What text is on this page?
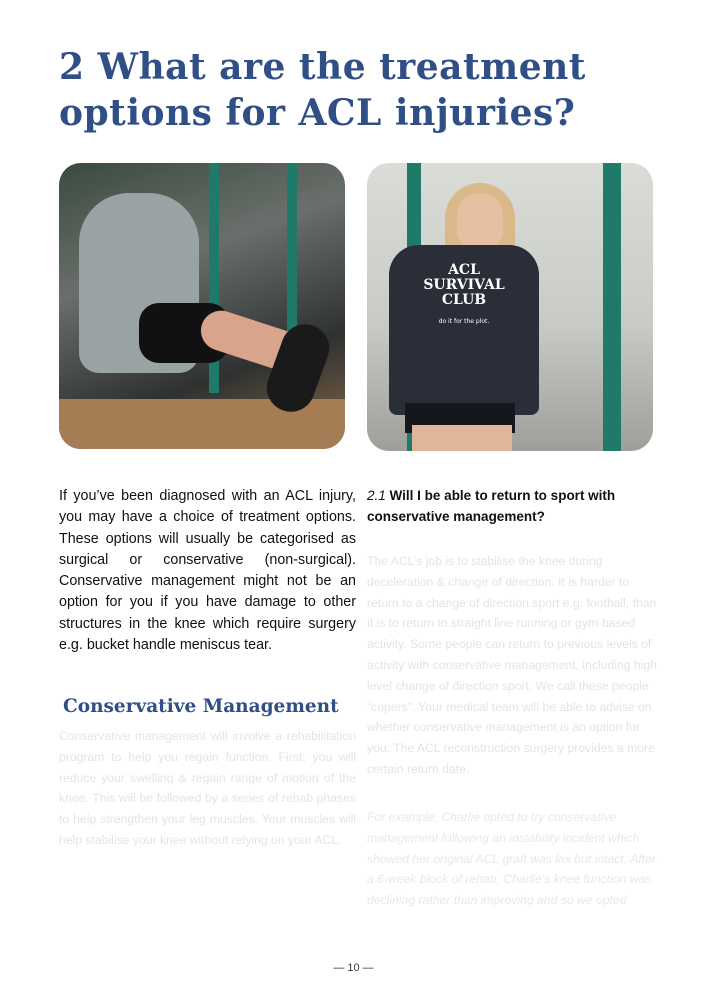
2 What are the treatment options for ACL injuries?
ACL
SURVIVAL
CLUB
do it for the plot.

If you’ve been diagnosed with an ACL injury, you may have a choice of treatment options. These options will usually be categorised as surgical or conservative (non-surgical). Conservative management might not be an option for you if you have damage to other structures in the knee which require surgery e.g. bucket handle meniscus tear.

Conservative Management

Conservative management will involve a rehabilitation program to help you regain function. First, you will reduce your swelling & regain range of motion of the knee. This will be followed by a series of rehab phases to help strengthen your leg muscles. Your muscles will help stabilise your knee without relying on your ACL.

2.1 Will I be able to return to sport with conservative management?

The ACL’s job is to stabilise the knee during deceleration & change of direction. It is harder to return to a change of direction sport e.g. football, than it is to return to straight line running or gym-based activity. Some people can return to previous levels of activity with conservative management, including high level change of direction sport. We call these people “copers”. Your medical team will be able to advise on whether conservative management is an option for you. The ACL reconstruction surgery provides a more certain return date.

For example, Charlie opted to try conservative management following an instability incident which showed her original ACL graft was lax but intact. After a 6-week block of rehab, Charlie’s knee function was declining rather than improving and so we opted

— 10 —
